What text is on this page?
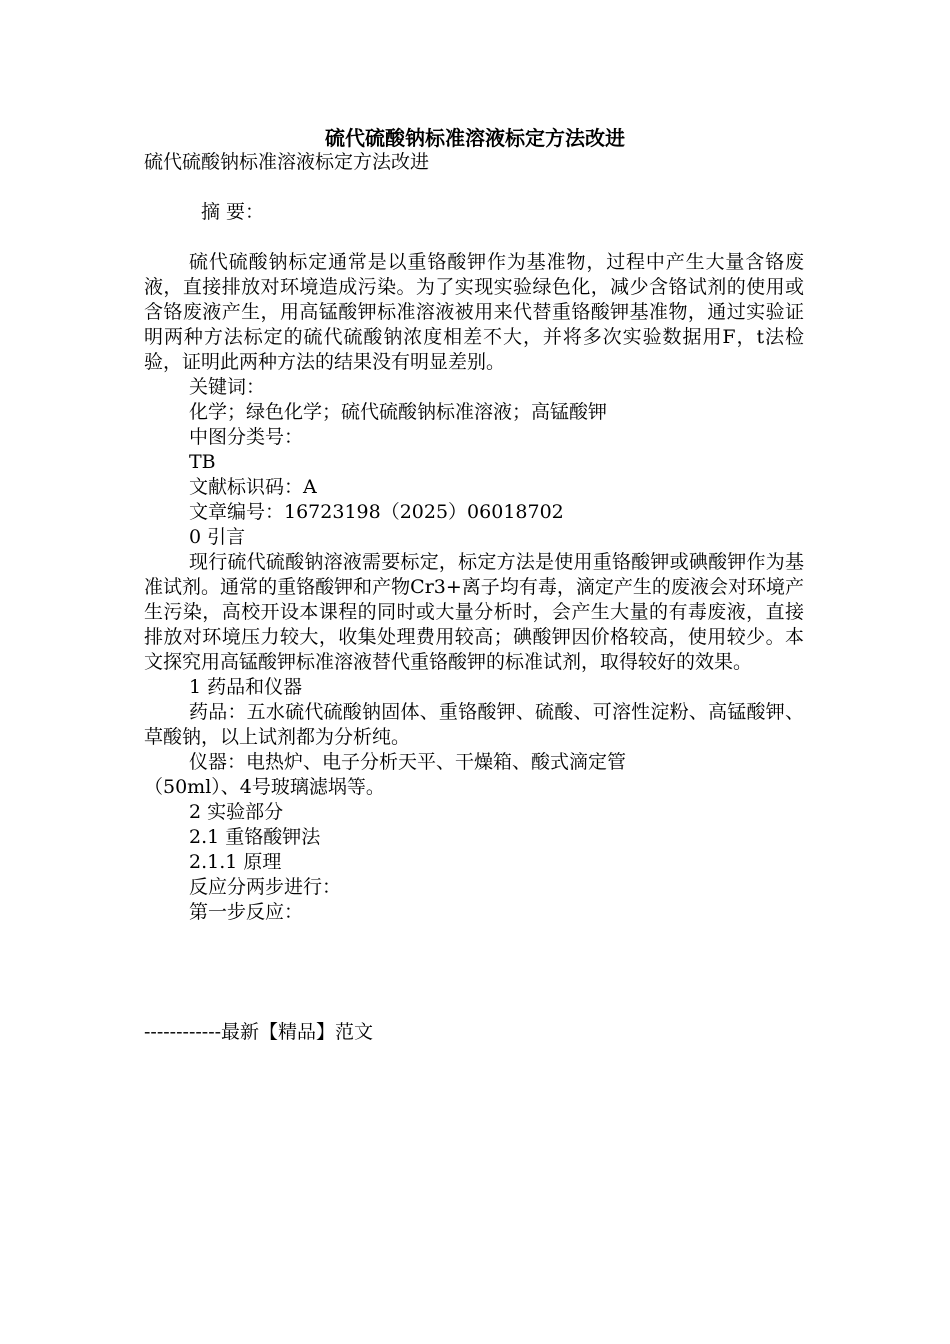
硫代硫酸钠标准溶液标定方法改进

硫代硫酸钠标准溶液标定方法改进

摘 要：

硫代硫酸钠标定通常是以重铬酸钾作为基准物，过程中产生大量含铬废液，直接排放对环境造成污染。为了实现实验绿色化，减少含铬试剂的使用或含铬废液产生，用高锰酸钾标准溶液被用来代替重铬酸钾基准物，通过实验证明两种方法标定的硫代硫酸钠浓度相差不大，并将多次实验数据用F，t法检验，证明此两种方法的结果没有明显差别。

关键词：

化学；绿色化学；硫代硫酸钠标准溶液；高锰酸钾

中图分类号：

TB

文献标识码：A

文章编号：16723198（2025）06018702

0 引言

现行硫代硫酸钠溶液需要标定，标定方法是使用重铬酸钾或碘酸钾作为基准试剂。通常的重铬酸钾和产物Cr3+离子均有毒，滴定产生的废液会对环境产生污染，高校开设本课程的同时或大量分析时，会产生大量的有毒废液，直接排放对环境压力较大，收集处理费用较高；碘酸钾因价格较高，使用较少。本文探究用高锰酸钾标准溶液替代重铬酸钾的标准试剂，取得较好的效果。

1 药品和仪器

药品：五水硫代硫酸钠固体、重铬酸钾、硫酸、可溶性淀粉、高锰酸钾、草酸钠，以上试剂都为分析纯。

仪器：电热炉、电子分析天平、干燥箱、酸式滴定管

（50ml）、4号玻璃滤埚等。

2 实验部分

2.1 重铬酸钾法

2.1.1 原理

反应分两步进行：

第一步反应：

------------最新【精品】范文
